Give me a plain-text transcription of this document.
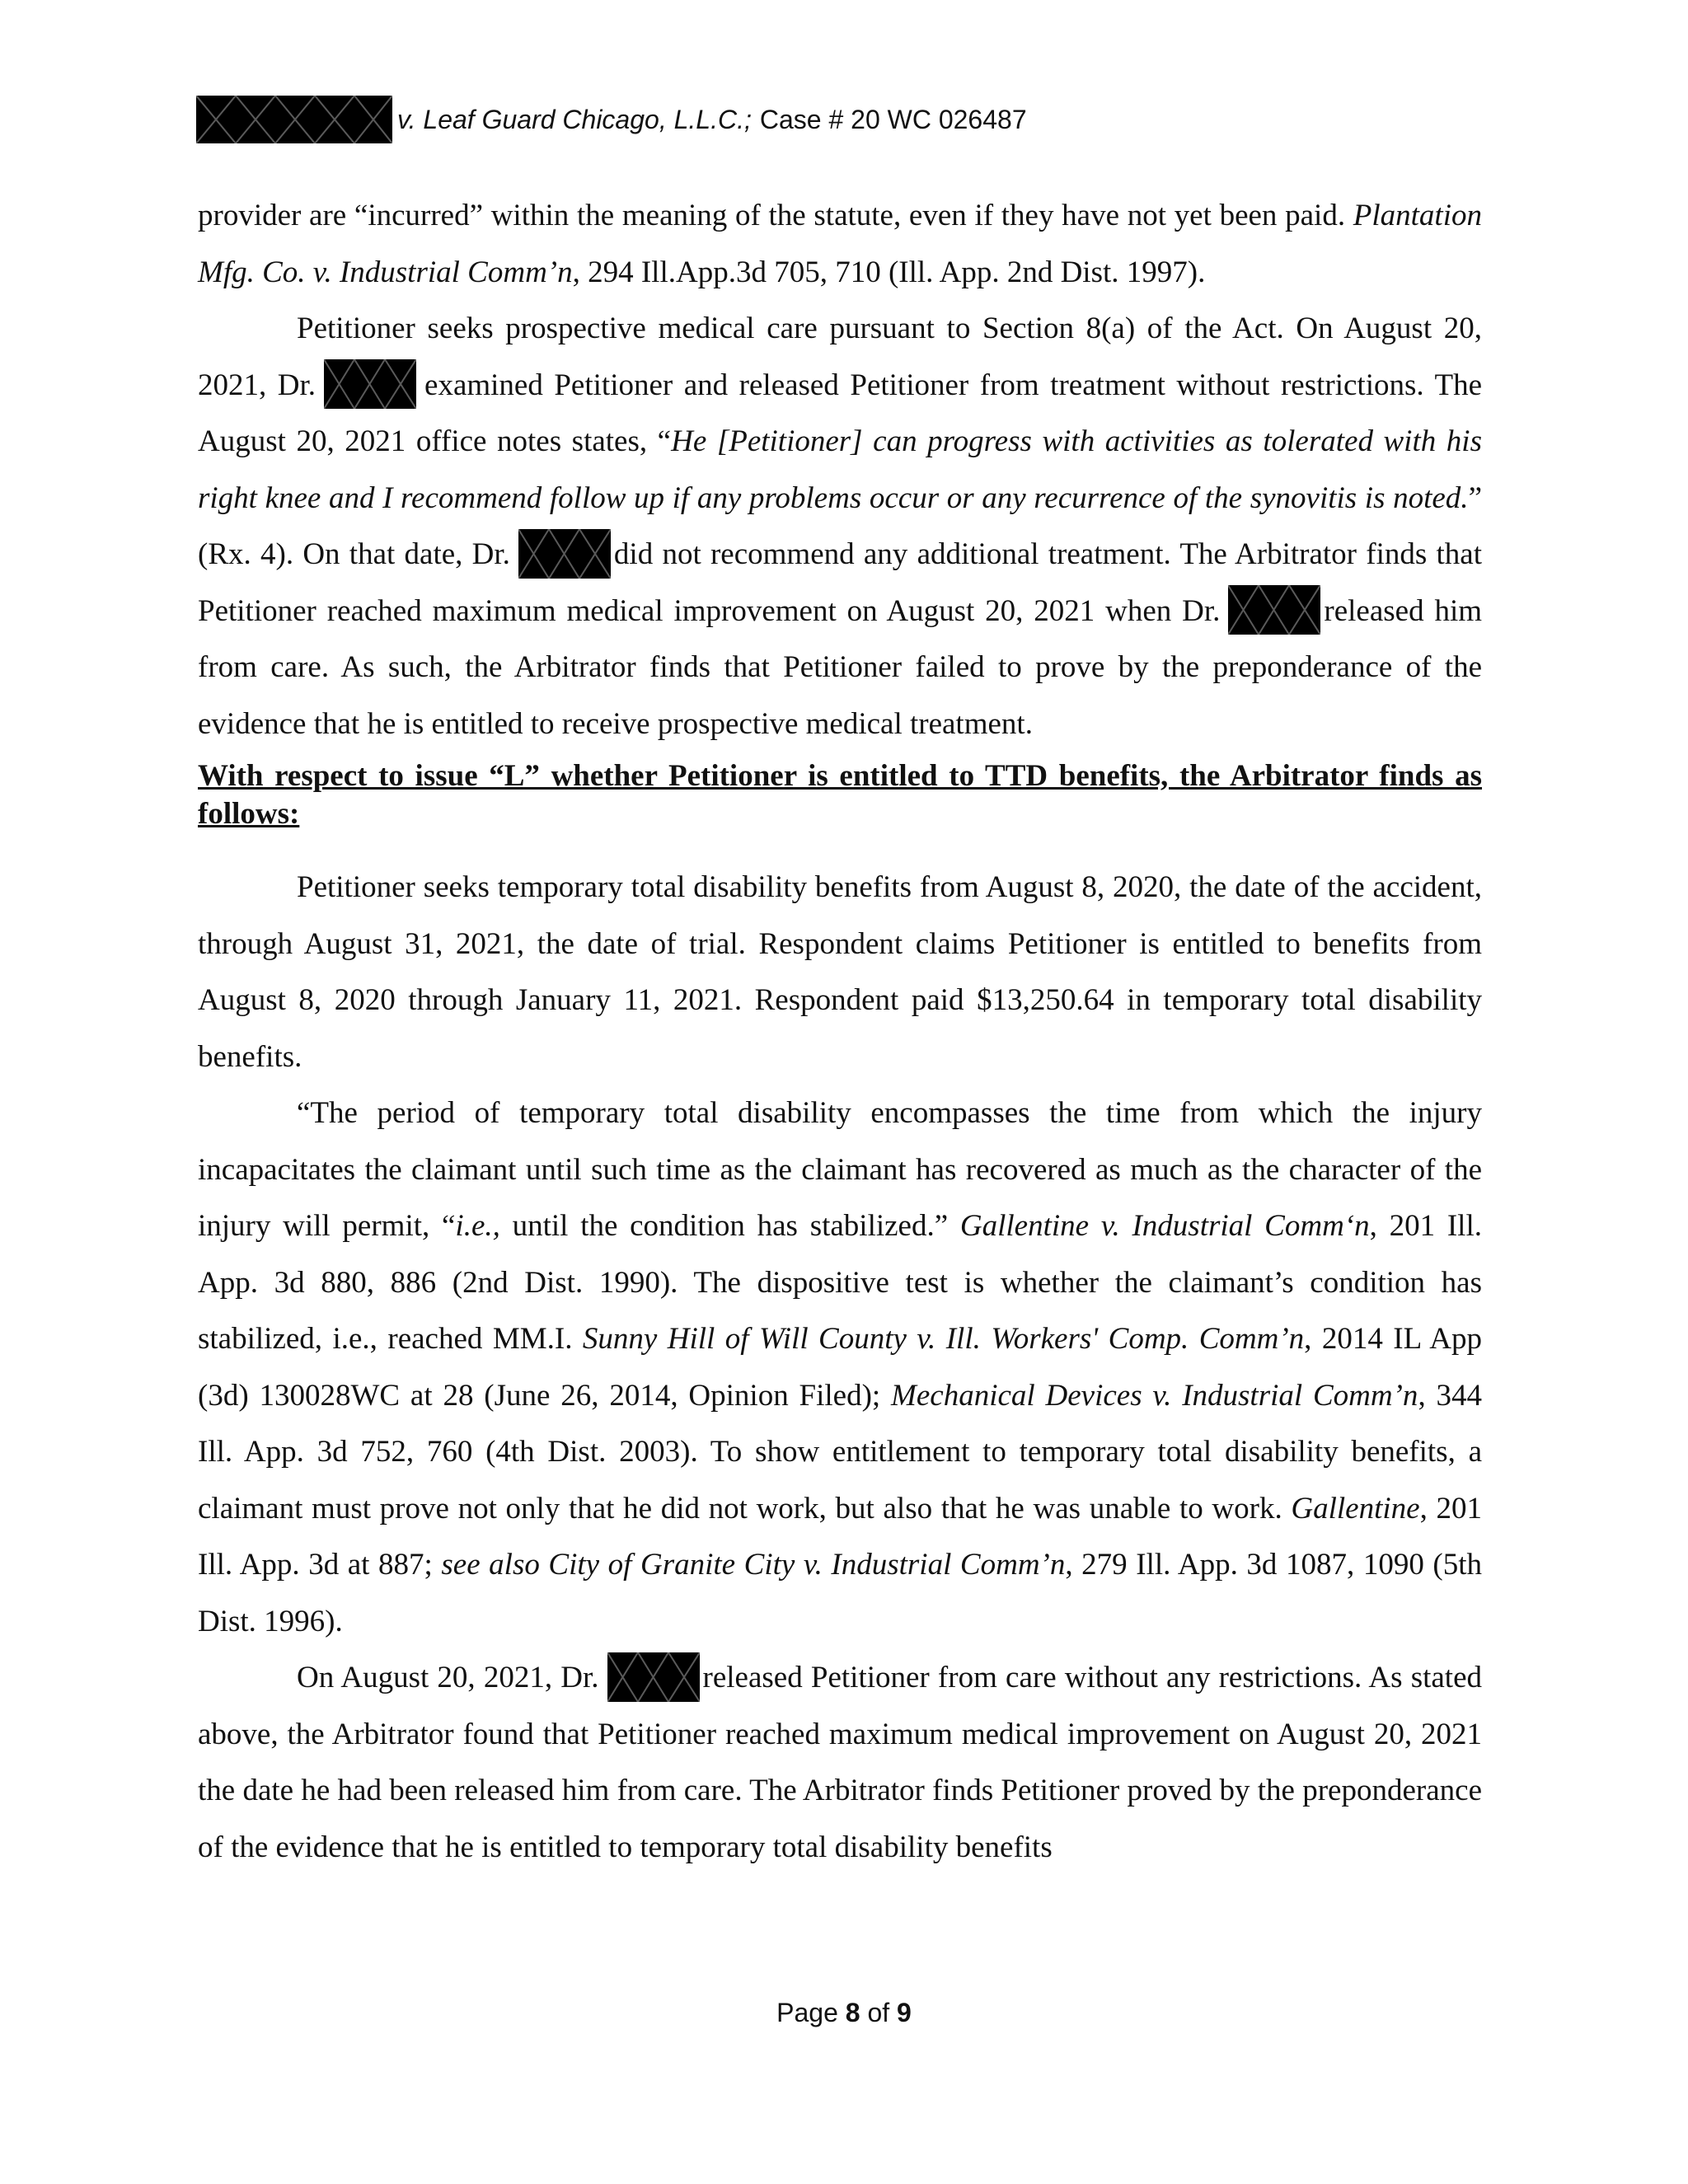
v. Leaf Guard Chicago, L.L.C.; Case # 20 WC 026487

provider are “incurred” within the meaning of the statute, even if they have not yet been paid. Plantation Mfg. Co. v. Industrial Comm’n, 294 Ill.App.3d 705, 710 (Ill. App. 2nd Dist. 1997).

Petitioner seeks prospective medical care pursuant to Section 8(a) of the Act. On August 20, 2021, Dr.	examined Petitioner and released Petitioner from treatment without restrictions. The August 20, 2021 office notes states, “He [Petitioner] can progress with activities as tolerated with his right knee and I recommend follow up if any problems occur or any recurrence of the synovitis is noted.” (Rx. 4). On that date, Dr.	did not recommend any additional treatment. The Arbitrator finds that Petitioner reached maximum medical improvement on August 20, 2021 when Dr.	released him from care. As such, the Arbitrator finds that Petitioner failed to prove by the preponderance of the evidence that he is entitled to receive prospective medical treatment.

With respect to issue “L” whether Petitioner is entitled to TTD benefits, the Arbitrator finds as follows:

Petitioner seeks temporary total disability benefits from August 8, 2020, the date of the accident, through August 31, 2021, the date of trial. Respondent claims Petitioner is entitled to benefits from August 8, 2020 through January 11, 2021. Respondent paid $13,250.64 in temporary total disability benefits.

“The period of temporary total disability encompasses the time from which the injury incapacitates the claimant until such time as the claimant has recovered as much as the character of the injury will permit, “i.e., until the condition has stabilized.” Gallentine v. Industrial Comm‘n, 201 Ill. App. 3d 880, 886 (2nd Dist. 1990). The dispositive test is whether the claimant’s condition has stabilized, i.e., reached MM.I. Sunny Hill of Will County v. Ill. Workers' Comp. Comm’n, 2014 IL App (3d) 130028WC at 28 (June 26, 2014, Opinion Filed); Mechanical Devices v. Industrial Comm’n, 344 Ill. App. 3d 752, 760 (4th Dist. 2003). To show entitlement to temporary total disability benefits, a claimant must prove not only that he did not work, but also that he was unable to work. Gallentine, 201 Ill. App. 3d at 887; see also City of Granite City v. Industrial Comm’n, 279 Ill. App. 3d 1087, 1090 (5th Dist. 1996).

On August 20, 2021, Dr.	released Petitioner from care without any restrictions. As stated above, the Arbitrator found that Petitioner reached maximum medical improvement on August 20, 2021 the date he had been released him from care. The Arbitrator finds Petitioner proved by the preponderance of the evidence that he is entitled to temporary total disability benefits

Page 8 of 9
